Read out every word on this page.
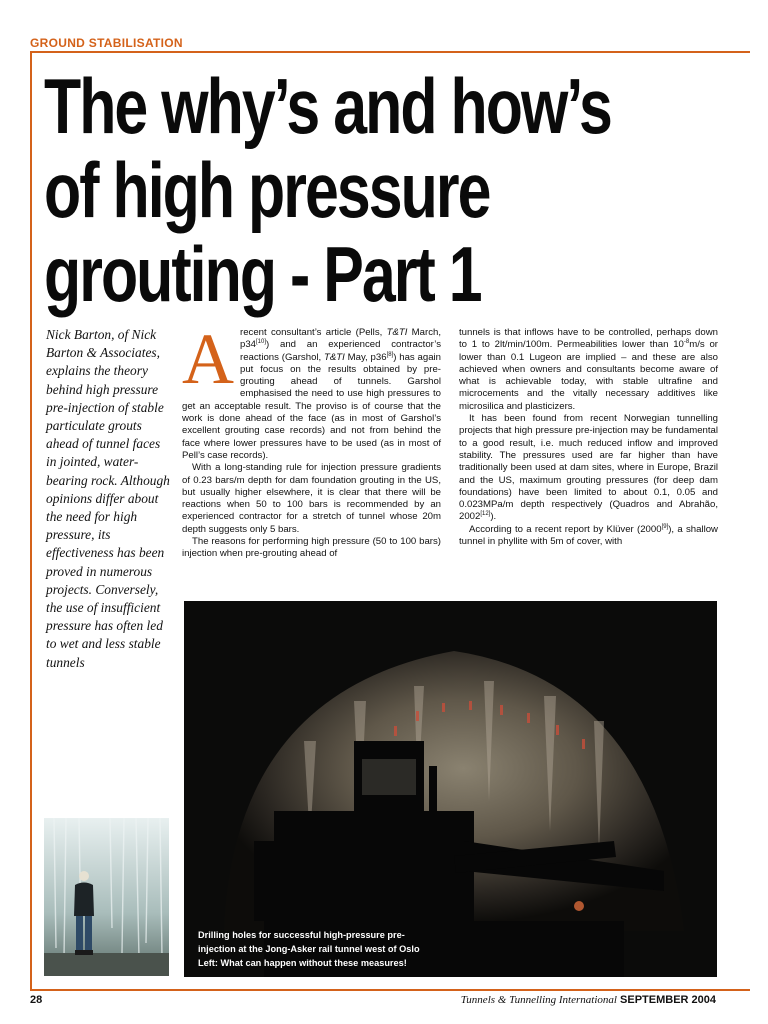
GROUND STABILISATION
The why’s and how’s
of high pressure
grouting - Part 1
Nick Barton, of Nick Barton & Associates, explains the theory behind high pressure pre-injection of stable particulate grouts ahead of tunnel faces in jointed, water-bearing rock. Although opinions differ about the need for high pressure, its effectiveness has been proved in numerous projects. Conversely, the use of insufficient pressure has often led to wet and less stable tunnels

Arecent consultant’s article (Pells, T&TI March, p34[10]) and an experienced contractor’s reactions (Garshol, T&TI May, p36[8]) has again put focus on the results obtained by pre-grouting ahead of tunnels. Garshol emphasised the need to use high pressures to get an acceptable result. The proviso is of course that the work is done ahead of the face (as in most of Garshol’s excellent grouting case records) and not from behind the face where lower pressures have to be used (as in most of Pell’s case records).

With a long-standing rule for injection pressure gradients of 0.23 bars/m depth for dam foundation grouting in the US, but usually higher elsewhere, it is clear that there will be reactions when 50 to 100 bars is recommended by an experienced contractor for a stretch of tunnel whose 20m depth suggests only 5 bars.

The reasons for performing high pressure (50 to 100 bars) injection when pre-grouting ahead of

tunnels is that inflows have to be controlled, perhaps down to 1 to 2lt/min/100m. Permeabilities lower than $10^{-8}m/s$ or lower than 0.1 Lugeon are implied – and these are also achieved when owners and consultants become aware of what is achievable today, with stable ultrafine and microcements and the vitally necessary additives like microsilica and plasticizers.

It has been found from recent Norwegian tunnelling projects that high pressure pre-injection may be fundamental to a good result, i.e. much reduced inflow and improved stability. The pressures used are far higher than have traditionally been used at dam sites, where in Europe, Brazil and the US, maximum grouting pressures (for deep dam foundations) have been limited to about 0.1, 0.05 and 0.023MPa/m depth respectively (Quadros and Abrahão, 2002[12]).

According to a recent report by Klüver (2000[9]), a shallow tunnel in phyllite with 5m of cover, with

Drilling holes for successful high-pressure pre-
injection at the Jong-Asker rail tunnel west of Oslo
Left: What can happen without these measures!
28	Tunnels & Tunnelling International SEPTEMBER 2004
